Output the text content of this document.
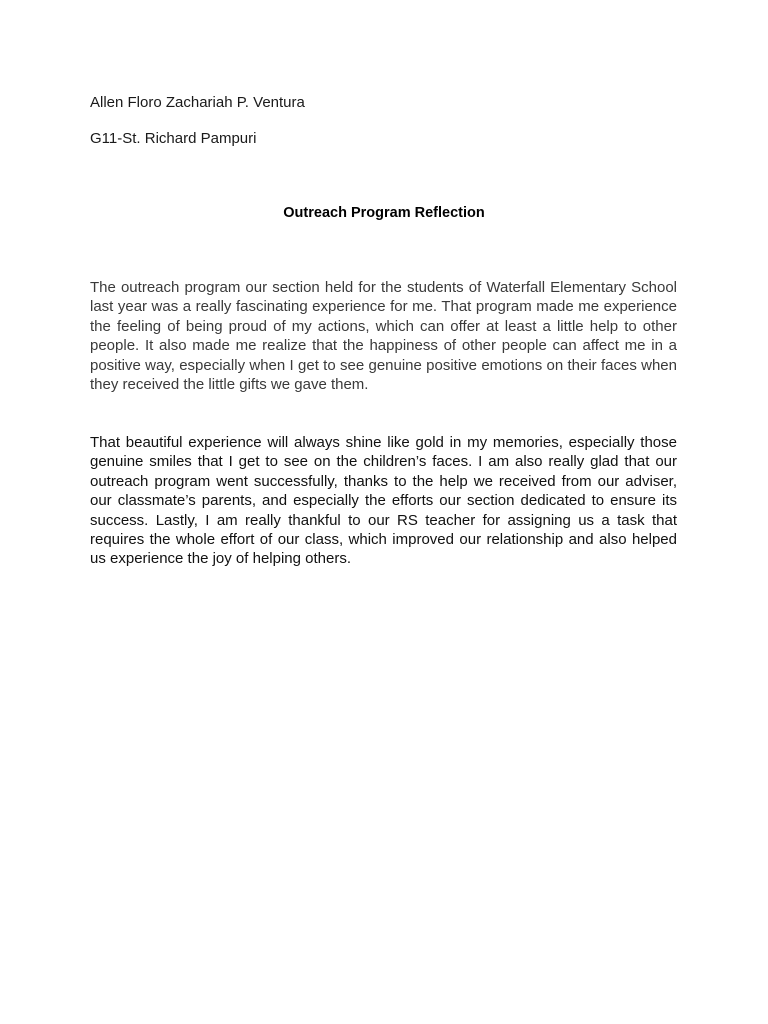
Allen Floro Zachariah P. Ventura

G11-St. Richard Pampuri

Outreach Program Reflection

The outreach program our section held for the students of Waterfall Elementary School last year was a really fascinating experience for me. That program made me experience the feeling of being proud of my actions, which can offer at least a little help to other people. It also made me realize that the happiness of other people can affect me in a positive way, especially when I get to see genuine positive emotions on their faces when they received the little gifts we gave them.

That beautiful experience will always shine like gold in my memories, especially those genuine smiles that I get to see on the children’s faces. I am also really glad that our outreach program went successfully, thanks to the help we received from our adviser, our classmate’s parents, and especially the efforts our section dedicated to ensure its success. Lastly, I am really thankful to our RS teacher for assigning us a task that requires the whole effort of our class, which improved our relationship and also helped us experience the joy of helping others.
